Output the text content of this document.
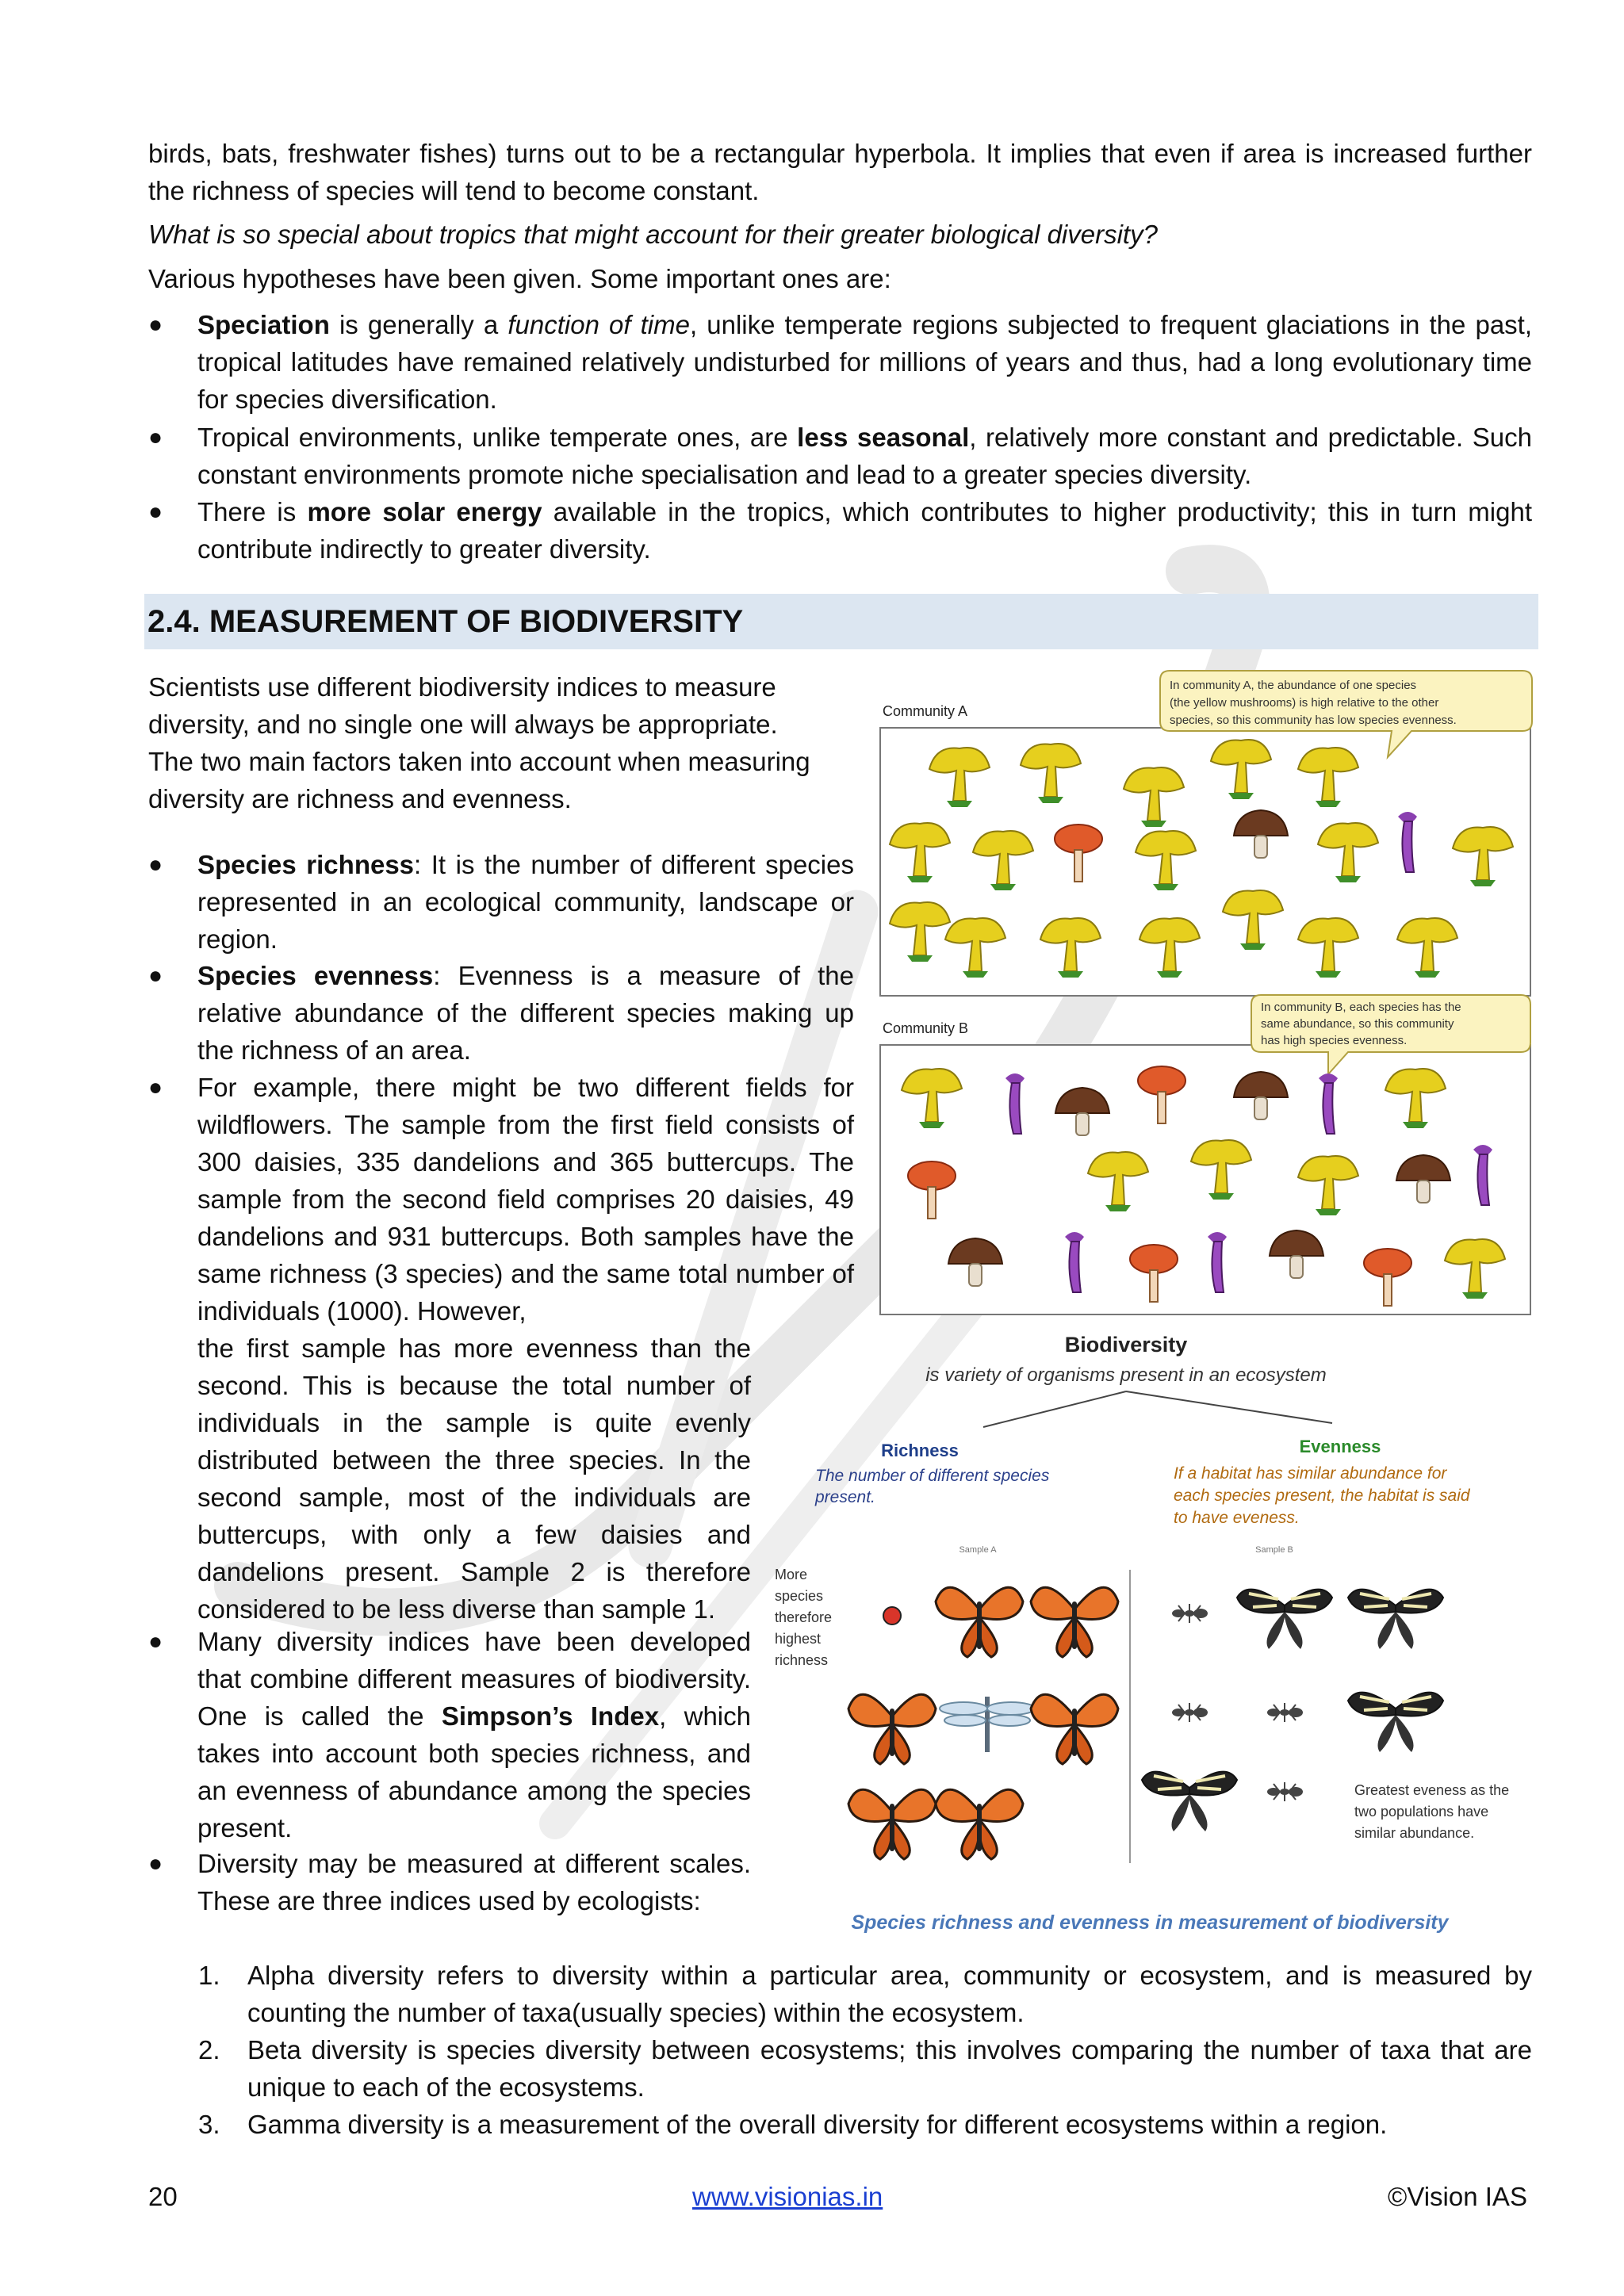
birds, bats, freshwater fishes) turns out to be a rectangular hyperbola. It implies that even if area is increased further the richness of species will tend to become constant.

What is so special about tropics that might account for their greater biological diversity?

Various hypotheses have been given. Some important ones are:

●	Speciation is generally a function of time, unlike temperate regions subjected to frequent glaciations in the past, tropical latitudes have remained relatively undisturbed for millions of years and thus, had a long evolutionary time for species diversification.
●	Tropical environments, unlike temperate ones, are less seasonal, relatively more constant and predictable. Such constant environments promote niche specialisation and lead to a greater species diversity.
●	There is more solar energy available in the tropics, which contributes to higher productivity; this in turn might contribute indirectly to greater diversity.
2.4. MEASUREMENT OF BIODIVERSITY

Scientists use different biodiversity indices to measure diversity, and no single one will always be appropriate. The two main factors taken into account when measuring diversity are richness and evenness.

●	Species richness: It is the number of different species represented in an ecological community, landscape or region.
●	Species evenness: Evenness is a measure of the relative abundance of the different species making up the richness of an area.
●	For example, there might be two different fields for wildflowers. The sample from the first field consists of 300 daisies, 335 dandelions and 365 buttercups. The sample from the second field comprises 20 daisies, 49 dandelions and 931 buttercups. Both samples have the same richness (3 species) and the same total number of individuals (1000). However,
the first sample has more evenness than the second. This is because the total number of individuals in the sample is quite evenly distributed between the three species. In the second sample, most of the individuals are buttercups, with only a few daisies and dandelions present. Sample 2 is therefore considered to be less diverse than sample 1.
●	Many diversity indices have been developed that combine different measures of biodiversity. One is called the Simpson’s Index, which takes into account both species richness, and an evenness of abundance among the species present.
●	Diversity may be measured at different scales. These are three indices used by ecologists:
1. Alpha diversity refers to diversity within a particular area, community or ecosystem, and is measured by counting the number of taxa(usually species) within the ecosystem.
2. Beta diversity is species diversity between ecosystems; this involves comparing the number of taxa that are unique to each of the ecosystems.
3. Gamma diversity is a measurement of the overall diversity for different ecosystems within a region.
Community A
In community A, the abundance of one species
(the yellow mushrooms) is high relative to the other
species, so this community has low species evenness.
Community B
In community B, each species has the
same abundance, so this community
has high species evenness.
Biodiversity
is variety of organisms present in an ecosystem
Richness
The number of different species
present.
Evenness
If a habitat has similar abundance for
each species present, the habitat is said
to have eveness.
Sample A	Sample B
More
species
therefore
highest
richness
Greatest eveness as the
two populations have
similar abundance.
Species richness and evenness in measurement of biodiversity
20	www.visionias.in	©Vision IAS
